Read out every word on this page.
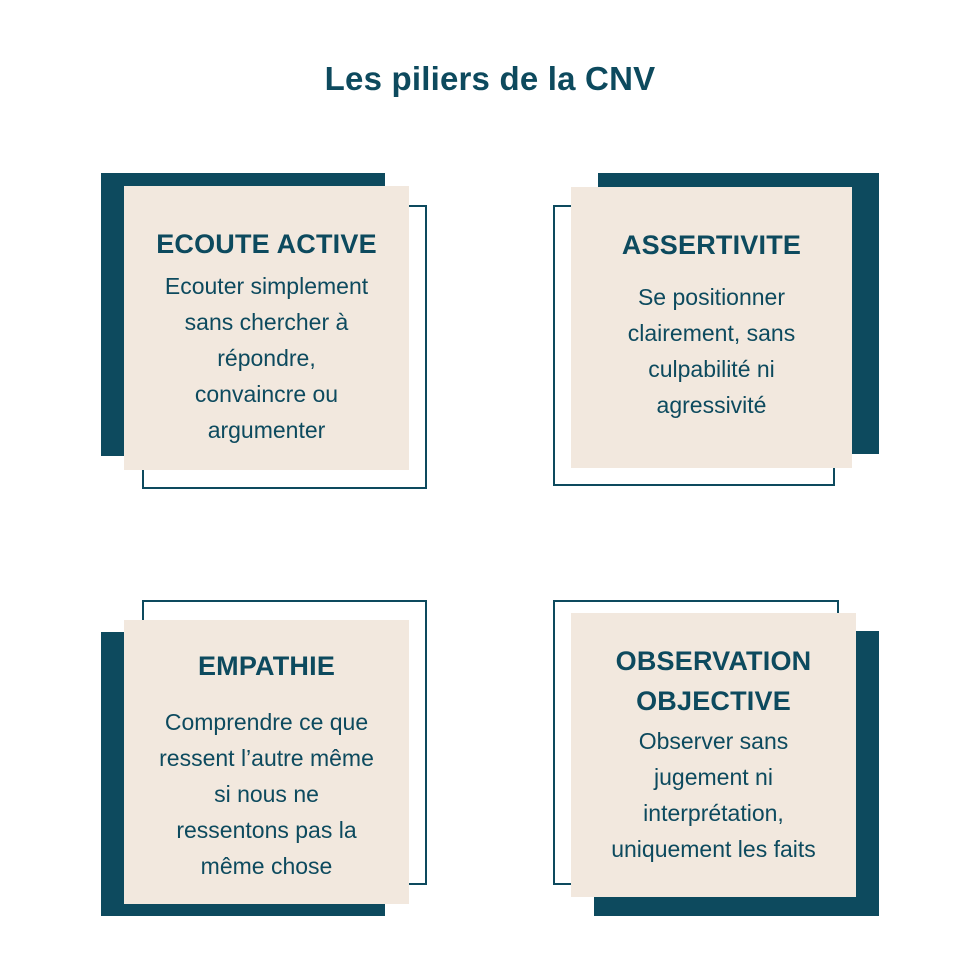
Les piliers de la CNV
ECOUTE ACTIVE
Ecouter simplement
sans chercher à
répondre,
convaincre ou
argumenter
ASSERTIVITE
Se positionner
clairement, sans
culpabilité ni
agressivité
EMPATHIE
Comprendre ce que
ressent l’autre même
si nous ne
ressentons pas la
même chose
OBSERVATION
OBJECTIVE
Observer sans
jugement ni
interprétation,
uniquement les faits
